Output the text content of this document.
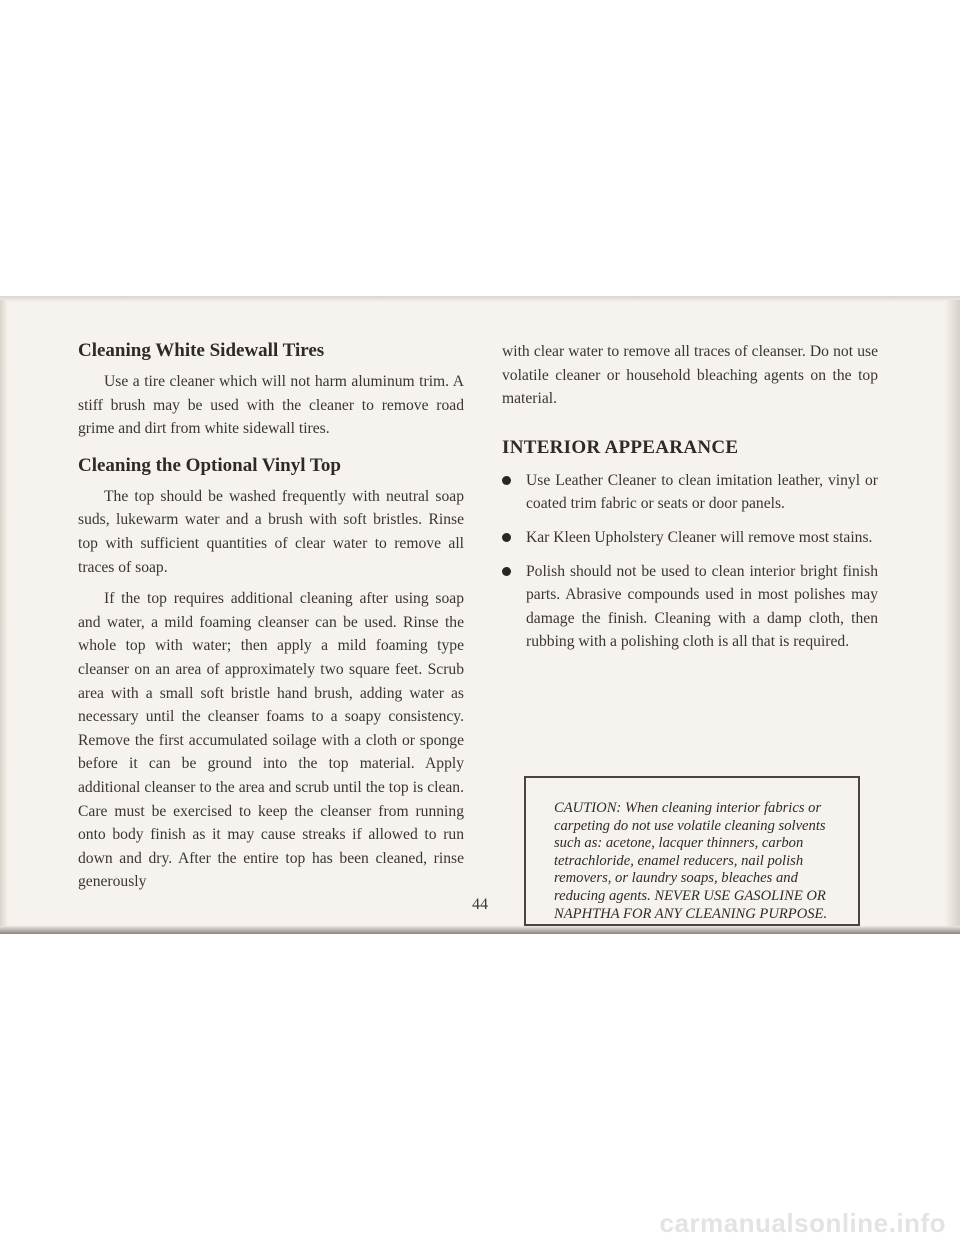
Cleaning White Sidewall Tires

Use a tire cleaner which will not harm aluminum trim. A stiff brush may be used with the cleaner to remove road grime and dirt from white sidewall tires.

Cleaning the Optional Vinyl Top

The top should be washed frequently with neutral soap suds, lukewarm water and a brush with soft bristles. Rinse top with sufficient quantities of clear water to remove all traces of soap.

If the top requires additional cleaning after using soap and water, a mild foaming cleanser can be used. Rinse the whole top with water; then apply a mild foaming type cleanser on an area of approximately two square feet. Scrub area with a small soft bristle hand brush, adding water as necessary until the cleanser foams to a soapy consistency. Remove the first accumulated soilage with a cloth or sponge before it can be ground into the top material. Apply additional cleanser to the area and scrub until the top is clean. Care must be exercised to keep the cleanser from running onto body finish as it may cause streaks if allowed to run down and dry. After the entire top has been cleaned, rinse generously

with clear water to remove all traces of cleanser. Do not use volatile cleaner or household bleaching agents on the top material.

INTERIOR APPEARANCE
Use Leather Cleaner to clean imitation leather, vinyl or coated trim fabric or seats or door panels.
Kar Kleen Upholstery Cleaner will remove most stains.
Polish should not be used to clean interior bright finish parts. Abrasive compounds used in most polishes may damage the finish. Cleaning with a damp cloth, then rubbing with a polishing cloth is all that is required.

CAUTION: When cleaning interior fabrics or carpeting do not use volatile cleaning solvents such as: acetone, lacquer thinners, carbon tetrachloride, enamel reducers, nail polish removers, or laundry soaps, bleaches and reducing agents. NEVER USE GASOLINE OR NAPHTHA FOR ANY CLEANING PURPOSE.

44
carmanualsonline.info
